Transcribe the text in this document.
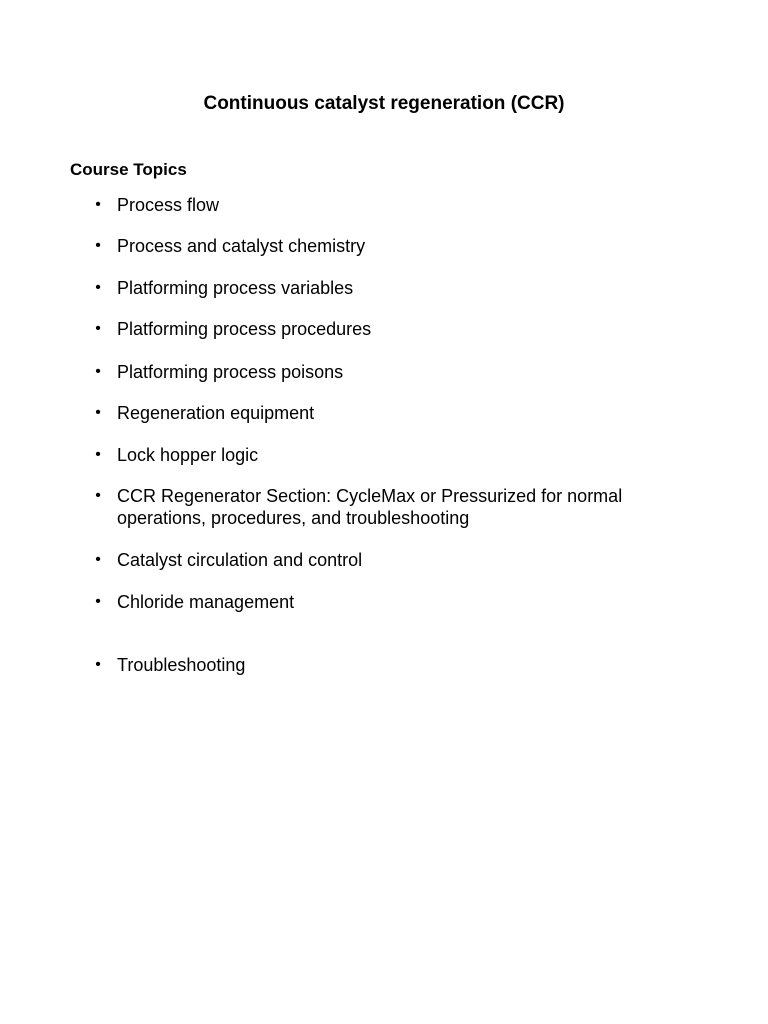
Continuous catalyst regeneration (CCR)
Course Topics
• Process flow
• Process and catalyst chemistry
• Platforming process variables
• Platforming process procedures
• Platforming process poisons
• Regeneration equipment
• Lock hopper logic
• CCR Regenerator Section: CycleMax or Pressurized for normal operations, procedures, and troubleshooting
• Catalyst circulation and control
• Chloride management
• Troubleshooting
